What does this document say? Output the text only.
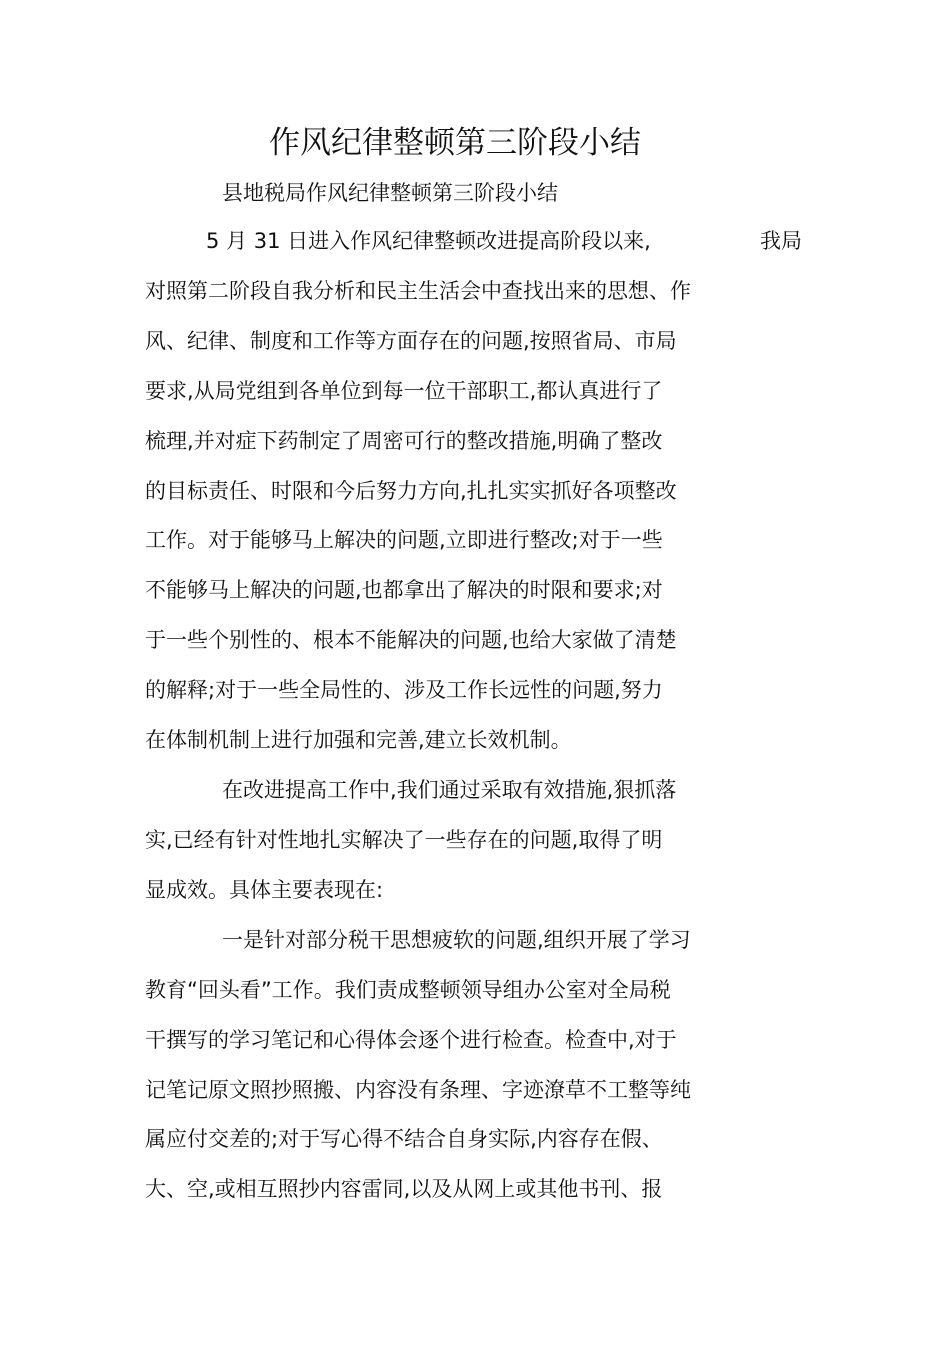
作风纪律整顿第三阶段小结
县地税局作风纪律整顿第三阶段小结
5 月 31 日进入作风纪律整顿改进提高阶段以来,	我局
对照第二阶段自我分析和民主生活会中查找出来的思想、作
风、纪律、制度和工作等方面存在的问题,按照省局、市局
要求,从局党组到各单位到每一位干部职工,都认真进行了
梳理,并对症下药制定了周密可行的整改措施,明确了整改
的目标责任、时限和今后努力方向,扎扎实实抓好各项整改
工作。对于能够马上解决的问题,立即进行整改;对于一些
不能够马上解决的问题,也都拿出了解决的时限和要求;对
于一些个别性的、根本不能解决的问题,也给大家做了清楚
的解释;对于一些全局性的、涉及工作长远性的问题,努力
在体制机制上进行加强和完善,建立长效机制。
在改进提高工作中,我们通过采取有效措施,狠抓落
实,已经有针对性地扎实解决了一些存在的问题,取得了明
显成效。具体主要表现在:
一是针对部分税干思想疲软的问题,组织开展了学习
教育“回头看”工作。我们责成整顿领导组办公室对全局税
干撰写的学习笔记和心得体会逐个进行检查。检查中,对于
记笔记原文照抄照搬、内容没有条理、字迹潦草不工整等纯
属应付交差的;对于写心得不结合自身实际,内容存在假、
大、空,或相互照抄内容雷同,以及从网上或其他书刊、报
